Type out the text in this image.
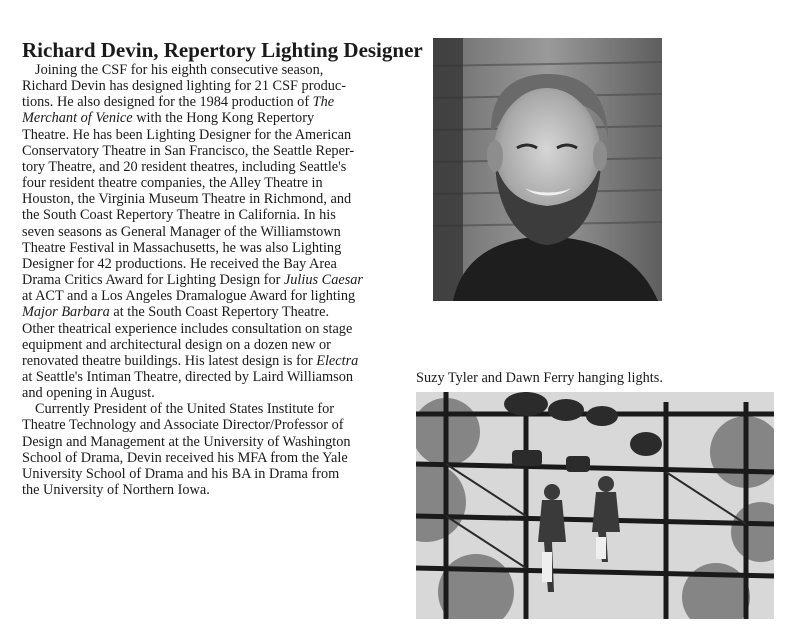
Richard Devin, Repertory Lighting Designer

Joining the CSF for his eighth consecutive season,
Richard Devin has designed lighting for 21 CSF produc-
tions. He also designed for the 1984 production of The
Merchant of Venice with the Hong Kong Repertory
Theatre. He has been Lighting Designer for the American
Conservatory Theatre in San Francisco, the Seattle Reper-
tory Theatre, and 20 resident theatres, including Seattle's
four resident theatre companies, the Alley Theatre in
Houston, the Virginia Museum Theatre in Richmond, and
the South Coast Repertory Theatre in California. In his
seven seasons as General Manager of the Williamstown
Theatre Festival in Massachusetts, he was also Lighting
Designer for 42 productions. He received the Bay Area
Drama Critics Award for Lighting Design for Julius Caesar
at ACT and a Los Angeles Dramalogue Award for lighting
Major Barbara at the South Coast Repertory Theatre.
Other theatrical experience includes consultation on stage
equipment and architectural design on a dozen new or
renovated theatre buildings. His latest design is for Electra
at Seattle's Intiman Theatre, directed by Laird Williamson
and opening in August.

Currently President of the United States Institute for
Theatre Technology and Associate Director/Professor of
Design and Management at the University of Washington
School of Drama, Devin received his MFA from the Yale
University School of Drama and his BA in Drama from
the University of Northern Iowa.

Suzy Tyler and Dawn Ferry hanging lights.
